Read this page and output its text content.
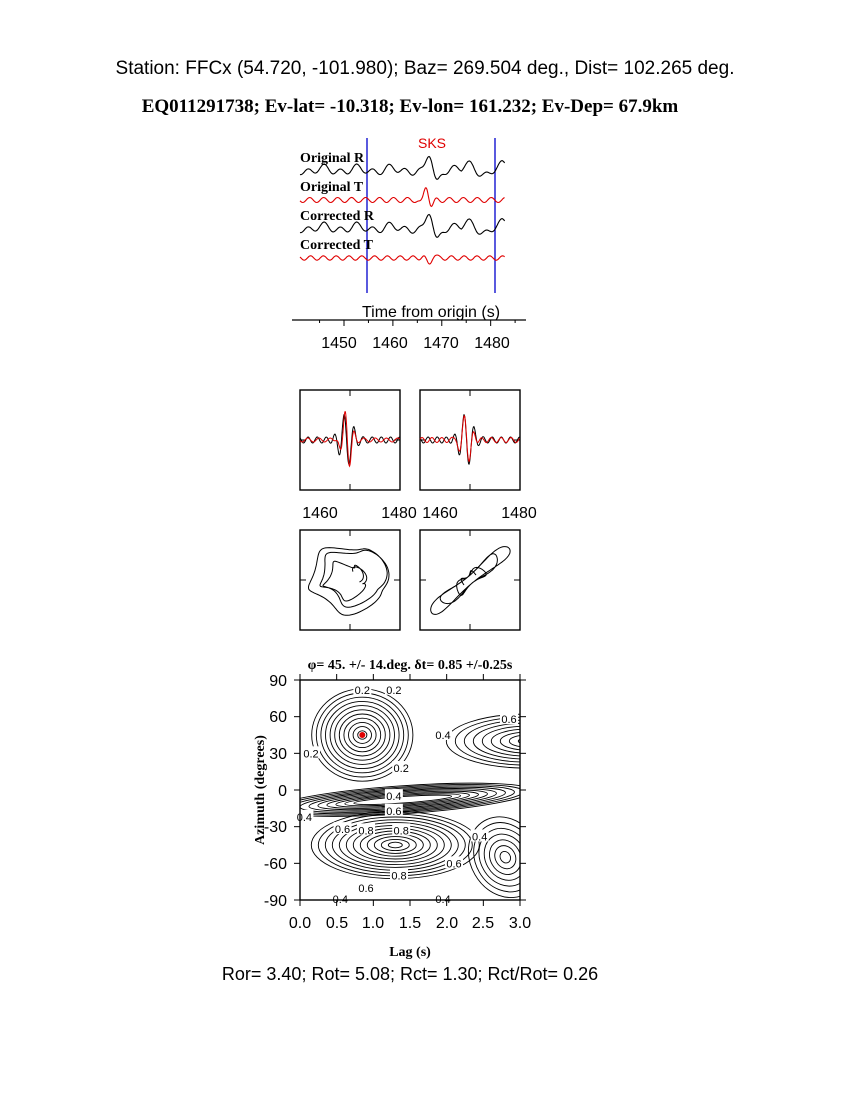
Station: FFCx (54.720, -101.980); Baz= 269.504 deg., Dist= 102.265 deg.
EQ011291738; Ev-lat= -10.318; Ev-lon= 161.232; Ev-Dep= 67.9km
SKS
Original R
Original T
Corrected R
Corrected T
Time from origin (s)
1450 1460 1470 1480
1460	1480 1460	1480
φ= 45. +/- 14.deg. δt= 0.85 +/-0.25s
0.2 0.2
0.6
0.4
0.2
0.2
0.4
0.6
0.4
0.6 0.8 0.8
0.4
0.6
0.8
0.6
0.4	0.4
90
60
30
0
-30
-60
-90
0.0 0.5 1.0 1.5 2.0 2.5 3.0
Lag (s)
Azimuth (degrees)
Ror= 3.40; Rot= 5.08; Rct= 1.30; Rct/Rot= 0.26
